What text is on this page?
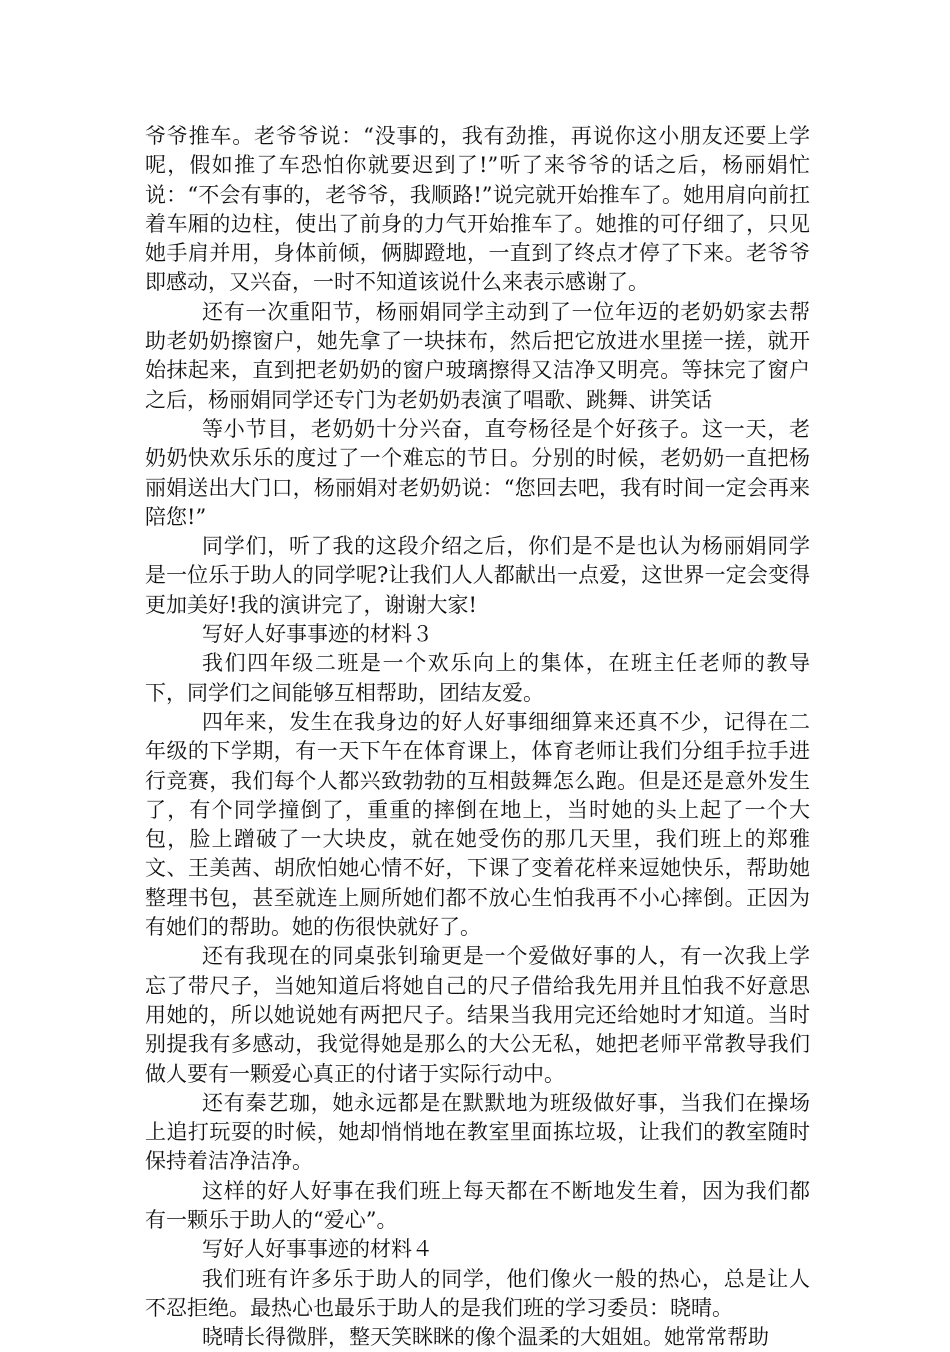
爷爷推车。老爷爷说：“没事的，我有劲推，再说你这小朋友还要上学呢，假如推了车恐怕你就要迟到了!”听了来爷爷的话之后，杨丽娟忙说：“不会有事的，老爷爷，我顺路!”说完就开始推车了。她用肩向前扛着车厢的边柱，使出了前身的力气开始推车了。她推的可仔细了，只见她手肩并用，身体前倾，俩脚蹬地，一直到了终点才停了下来。老爷爷即感动，又兴奋，一时不知道该说什么来表示感谢了。

还有一次重阳节，杨丽娟同学主动到了一位年迈的老奶奶家去帮助老奶奶擦窗户，她先拿了一块抹布，然后把它放进水里搓一搓，就开始抹起来，直到把老奶奶的窗户玻璃擦得又洁净又明亮。等抹完了窗户之后，杨丽娟同学还专门为老奶奶表演了唱歌、跳舞、讲笑话

等小节目，老奶奶十分兴奋，直夸杨径是个好孩子。这一天，老奶奶快欢乐乐的度过了一个难忘的节日。分别的时候，老奶奶一直把杨丽娟送出大门口，杨丽娟对老奶奶说：“您回去吧，我有时间一定会再来陪您!”

同学们，听了我的这段介绍之后，你们是不是也认为杨丽娟同学是一位乐于助人的同学呢?让我们人人都献出一点爱，这世界一定会变得更加美好!我的演讲完了，谢谢大家!

写好人好事事迹的材料３

我们四年级二班是一个欢乐向上的集体，在班主任老师的教导下，同学们之间能够互相帮助，团结友爱。

四年来，发生在我身边的好人好事细细算来还真不少，记得在二年级的下学期，有一天下午在体育课上，体育老师让我们分组手拉手进行竞赛，我们每个人都兴致勃勃的互相鼓舞怎么跑。但是还是意外发生了，有个同学撞倒了，重重的摔倒在地上，当时她的头上起了一个大包，脸上蹭破了一大块皮，就在她受伤的那几天里，我们班上的郑雅文、王美茜、胡欣怕她心情不好，下课了变着花样来逗她快乐，帮助她整理书包，甚至就连上厕所她们都不放心生怕我再不小心摔倒。正因为有她们的帮助。她的伤很快就好了。

还有我现在的同桌张钊瑜更是一个爱做好事的人，有一次我上学忘了带尺子，当她知道后将她自己的尺子借给我先用并且怕我不好意思用她的，所以她说她有两把尺子。结果当我用完还给她时才知道。当时别提我有多感动，我觉得她是那么的大公无私，她把老师平常教导我们做人要有一颗爱心真正的付诸于实际行动中。

还有秦艺珈，她永远都是在默默地为班级做好事，当我们在操场上追打玩耍的时候，她却悄悄地在教室里面拣垃圾，让我们的教室随时保持着洁净洁净。

这样的好人好事在我们班上每天都在不断地发生着，因为我们都有一颗乐于助人的“爱心”。

写好人好事事迹的材料４

我们班有许多乐于助人的同学，他们像火一般的热心，总是让人不忍拒绝。最热心也最乐于助人的是我们班的学习委员：晓晴。

晓晴长得微胖，整天笑眯眯的像个温柔的大姐姐。她常常帮助
